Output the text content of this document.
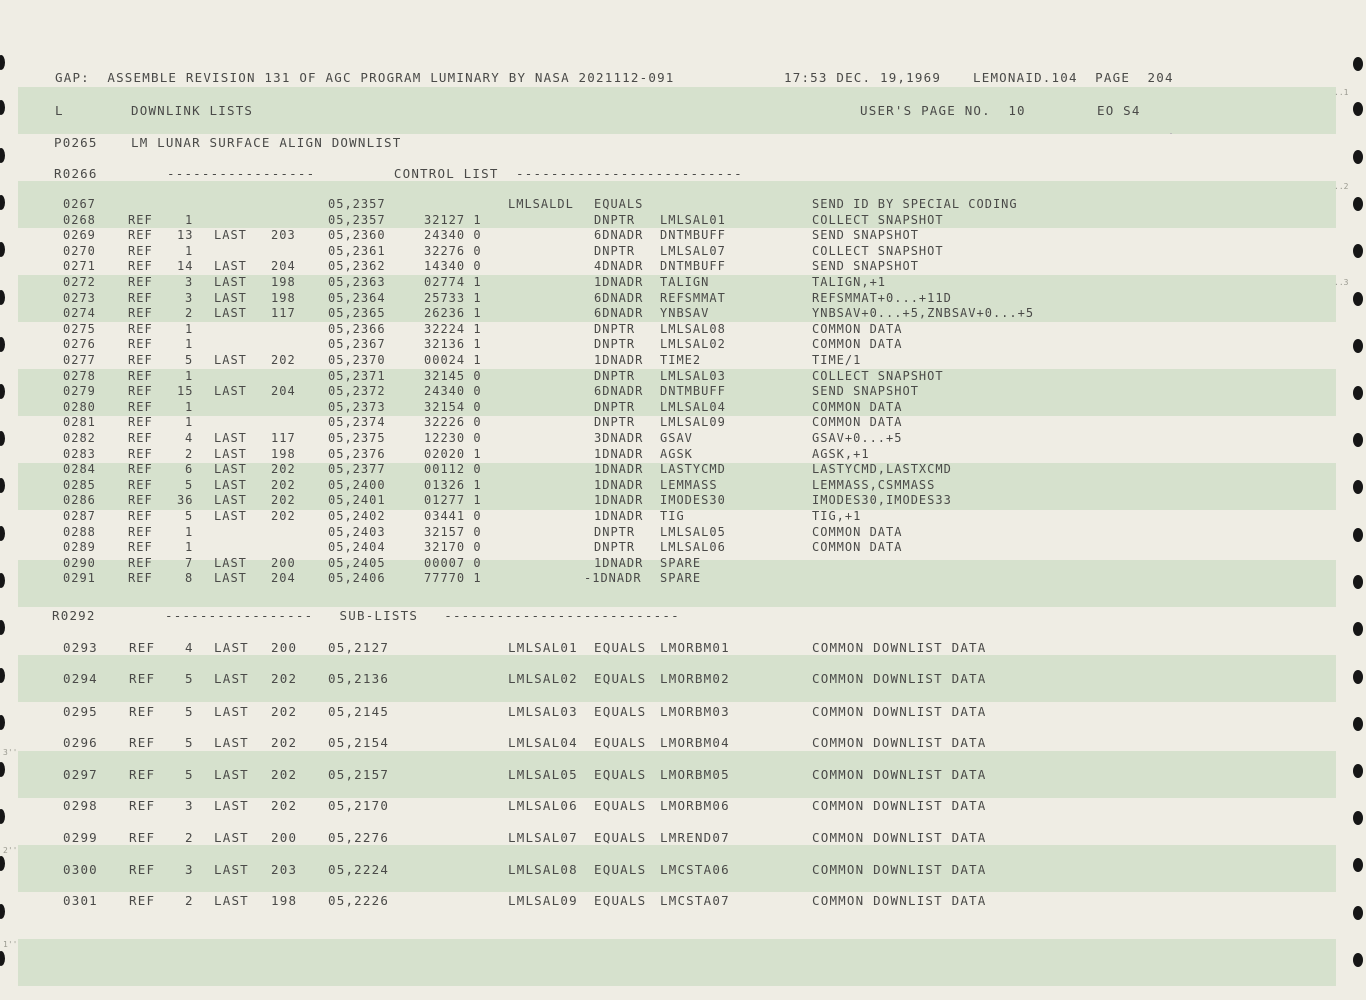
..1
..2
..3
3''
2''
1''
GAP:  ASSEMBLE REVISION 131 OF AGC PROGRAM LUMINARY BY NASA 2021112-091	17:53 DEC. 19,1969	LEMONAID.104  PAGE  204
L	DOWNLINK LISTS	USER'S PAGE NO.  10	EO S4
P0265	LM LUNAR SURFACE ALIGN DOWNLIST
R0266	-----------------         CONTROL LIST  --------------------------
0267	05,2357	LMLSALDL EQUALS	SEND ID BY SPECIAL CODING
0268	REF	1	05,2357	32127 1	DNPTR LMLSAL01	COLLECT SNAPSHOT
0269	REF 13 LAST 203	05,2360	24340 0	6DNADR DNTMBUFF	SEND SNAPSHOT
0270	REF	1	05,2361	32276 0	DNPTR LMLSAL07	COLLECT SNAPSHOT
0271	REF 14 LAST 204	05,2362	14340 0	4DNADR DNTMBUFF	SEND SNAPSHOT
0272	REF	3 LAST 198	05,2363	02774 1	1DNADR TALIGN	TALIGN,+1
0273	REF	3 LAST 198	05,2364	25733 1	6DNADR REFSMMAT	REFSMMAT+0...+11D
0274	REF	2 LAST 117	05,2365	26236 1	6DNADR YNBSAV	YNBSAV+0...+5,ZNBSAV+0...+5
0275	REF	1	05,2366	32224 1	DNPTR LMLSAL08	COMMON DATA
0276	REF	1	05,2367	32136 1	DNPTR LMLSAL02	COMMON DATA
0277	REF	5 LAST 202	05,2370	00024 1	1DNADR TIME2	TIME/1
0278	REF	1	05,2371	32145 0	DNPTR LMLSAL03	COLLECT SNAPSHOT
0279	REF 15 LAST 204	05,2372	24340 0	6DNADR DNTMBUFF	SEND SNAPSHOT
0280	REF	1	05,2373	32154 0	DNPTR LMLSAL04	COMMON DATA
0281	REF	1	05,2374	32226 0	DNPTR LMLSAL09	COMMON DATA
0282	REF	4 LAST 117	05,2375	12230 0	3DNADR GSAV	GSAV+0...+5
0283	REF	2 LAST 198	05,2376	02020 1	1DNADR AGSK	AGSK,+1
0284	REF	6 LAST 202	05,2377	00112 0	1DNADR LASTYCMD	LASTYCMD,LASTXCMD
0285	REF	5 LAST 202	05,2400	01326 1	1DNADR LEMMASS	LEMMASS,CSMMASS
0286	REF 36 LAST 202	05,2401	01277 1	1DNADR IMODES30	IMODES30,IMODES33
0287	REF	5 LAST 202	05,2402	03441 0	1DNADR TIG	TIG,+1
0288	REF	1	05,2403	32157 0	DNPTR LMLSAL05	COMMON DATA
0289	REF	1	05,2404	32170 0	DNPTR LMLSAL06	COMMON DATA
0290	REF	7 LAST 200	05,2405	00007 0	1DNADR SPARE
0291	REF	8 LAST 204	05,2406	77770 1	-1DNADR SPARE
R0292	-----------------   SUB-LISTS   ---------------------------
0293 REF 4 LAST 200 05,2127	LMLSAL01 EQUALS LMORBM01	COMMON DOWNLIST DATA
0294 REF 5 LAST 202 05,2136	LMLSAL02 EQUALS LMORBM02	COMMON DOWNLIST DATA
0295 REF 5 LAST 202 05,2145	LMLSAL03 EQUALS LMORBM03	COMMON DOWNLIST DATA
0296 REF 5 LAST 202 05,2154	LMLSAL04 EQUALS LMORBM04	COMMON DOWNLIST DATA
0297 REF 5 LAST 202 05,2157	LMLSAL05 EQUALS LMORBM05	COMMON DOWNLIST DATA
0298 REF 3 LAST 202 05,2170	LMLSAL06 EQUALS LMORBM06	COMMON DOWNLIST DATA
0299 REF 2 LAST 200 05,2276	LMLSAL07 EQUALS LMREND07	COMMON DOWNLIST DATA
0300 REF 3 LAST 203 05,2224	LMLSAL08 EQUALS LMCSTA06	COMMON DOWNLIST DATA
0301 REF 2 LAST 198 05,2226	LMLSAL09 EQUALS LMCSTA07	COMMON DOWNLIST DATA
